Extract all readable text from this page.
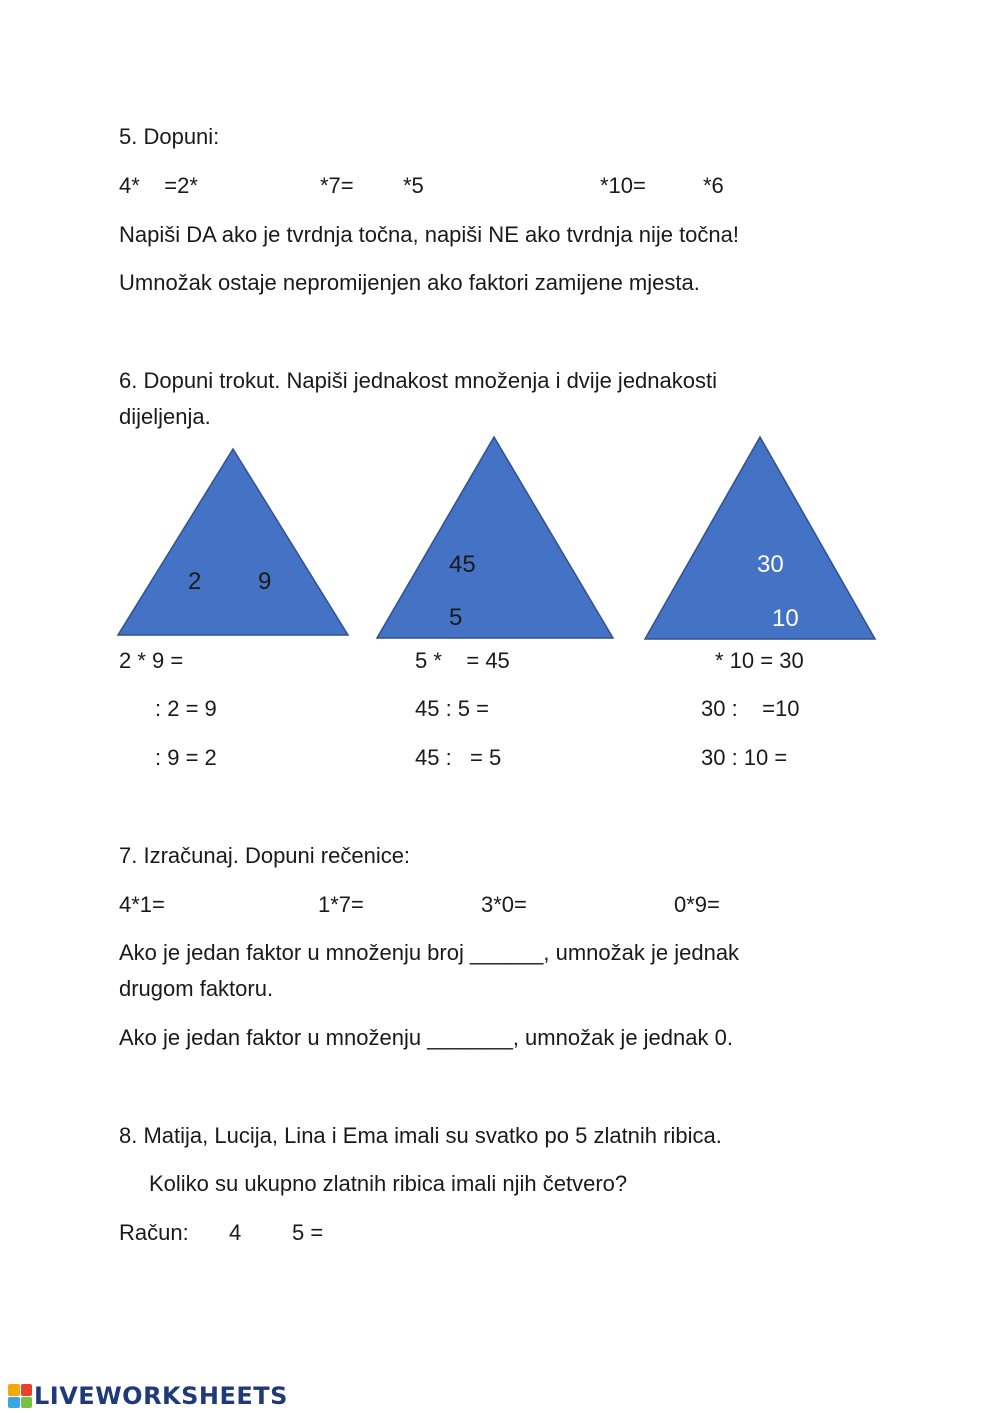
5. Dopuni:
4*    =2*	*7= *5	*10=	*6
Napiši DA ako je tvrdnja točna, napiši NE ako tvrdnja nije točna!
Umnožak ostaje nepromijenjen ako faktori zamijene mjesta.
6. Dopuni trokut. Napiši jednakost množenja i dvije jednakosti
dijeljenja.
2 9
45
5
30
10
2 * 9 =
: 2 = 9
: 9 = 2
5 *    = 45
45 : 5 =
45 :   = 5
* 10 = 30
30 :    =10
30 : 10 =
7. Izračunaj. Dopuni rečenice:
4*1=	1*7=	3*0=	0*9=
Ako je jedan faktor u množenju broj ______, umnožak je jednak
drugom faktoru.
Ako je jedan faktor u množenju _______, umnožak je jednak 0.
8. Matija, Lucija, Lina i Ema imali su svatko po 5 zlatnih ribica.
Koliko su ukupno zlatnih ribica imali njih četvero?
Račun: 4 5 =
LIVEWORKSHEETS
